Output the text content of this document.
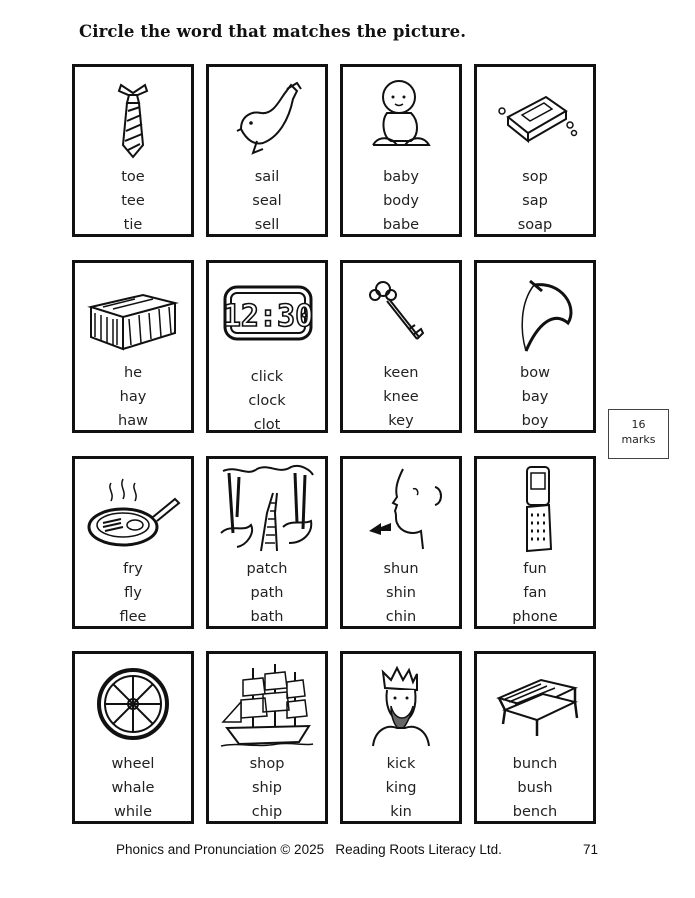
Circle the word that matches the picture.
toe
tee
tie
sail
seal
sell
baby
body
babe
sop
sap
soap
he
hay
haw
12:30
click
clock
clot
keen
knee
key
bow
bay
boy
fry
fly
flee
patch
path
bath
shun
shin
chin
fun
fan
phone
wheel
whale
while
shop
ship
chip
kick
king
kin
bunch
bush
bench
16
marks
Phonics and Pronunciation © 2025   Reading Roots Literacy Ltd.	71
